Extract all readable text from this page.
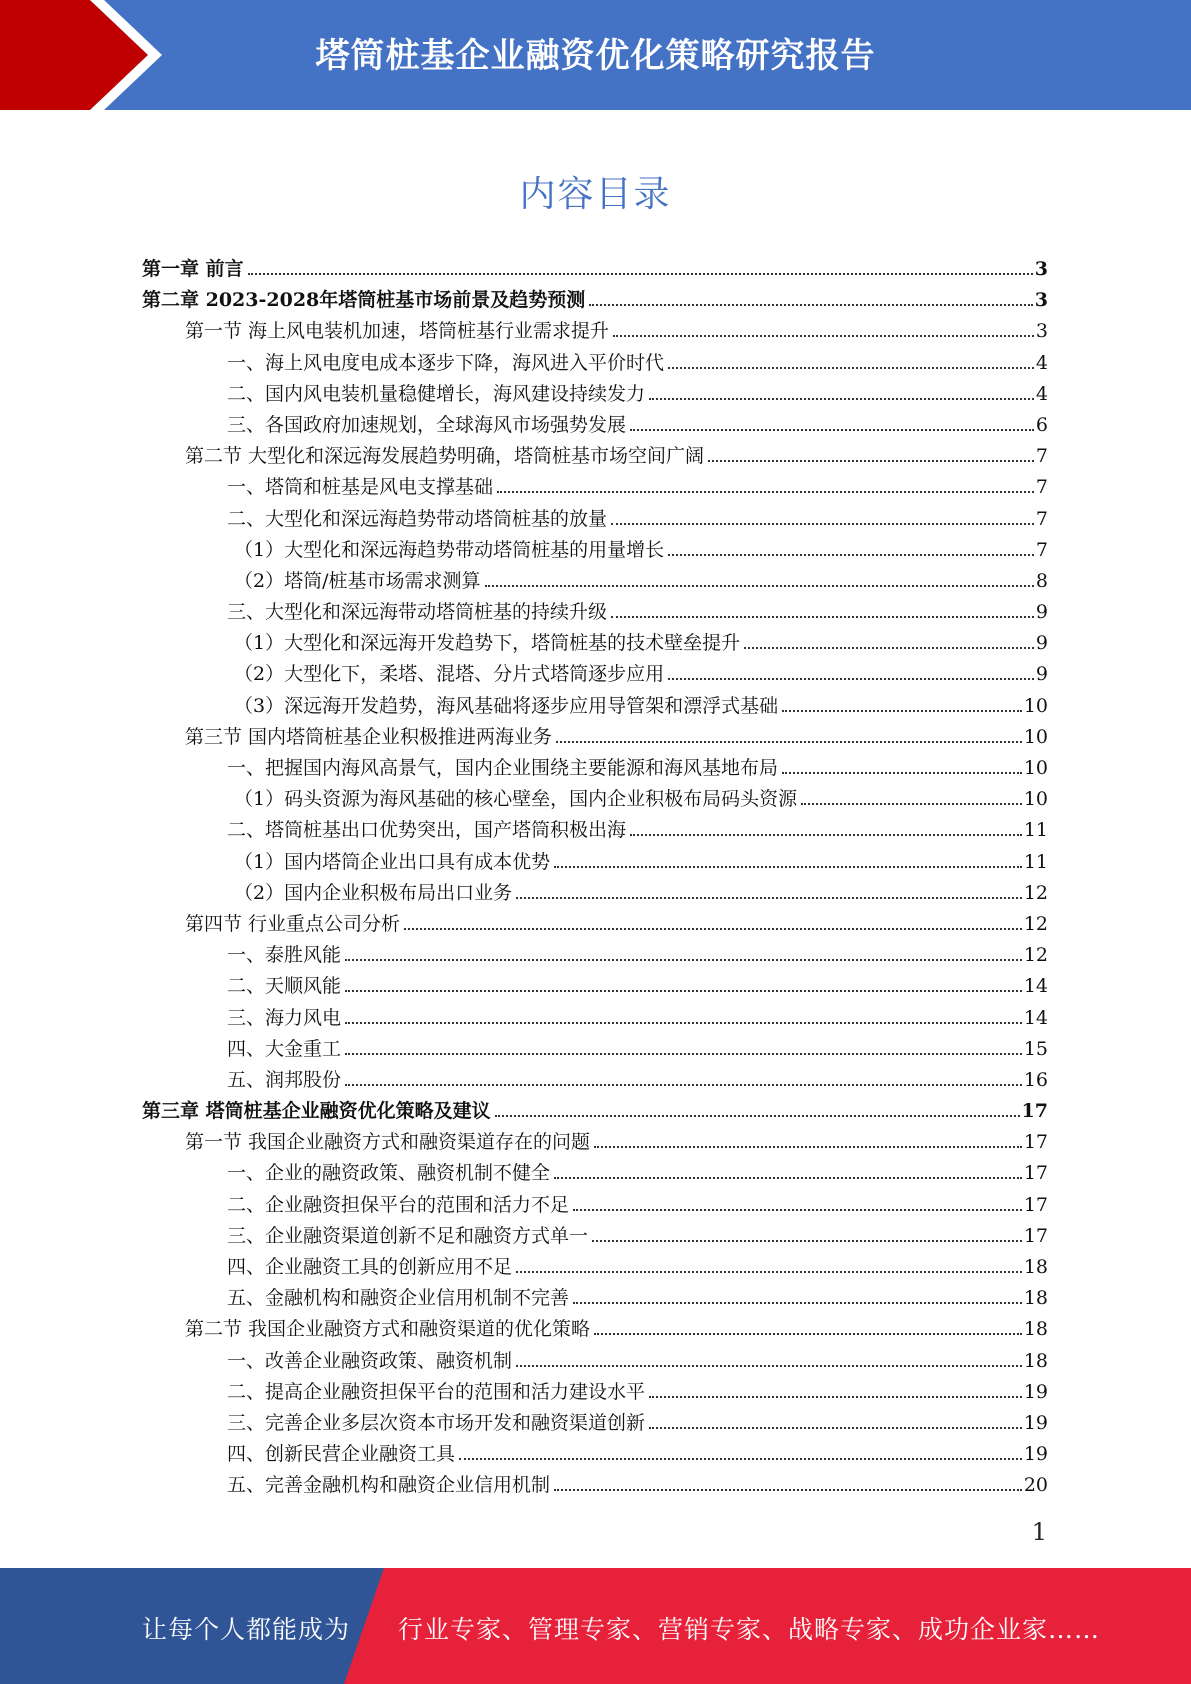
塔筒桩基企业融资优化策略研究报告
内容目录
第一章 前言	3
第二章 2023-2028年塔筒桩基市场前景及趋势预测	3
第一节 海上风电装机加速，塔筒桩基行业需求提升	3
一、海上风电度电成本逐步下降，海风进入平价时代	4
二、国内风电装机量稳健增长，海风建设持续发力	4
三、各国政府加速规划，全球海风市场强势发展	6
第二节 大型化和深远海发展趋势明确，塔筒桩基市场空间广阔	7
一、塔筒和桩基是风电支撑基础	7
二、大型化和深远海趋势带动塔筒桩基的放量	7
（1）大型化和深远海趋势带动塔筒桩基的用量增长	7
（2）塔筒/桩基市场需求测算	8
三、大型化和深远海带动塔筒桩基的持续升级	9
（1）大型化和深远海开发趋势下，塔筒桩基的技术壁垒提升	9
（2）大型化下，柔塔、混塔、分片式塔筒逐步应用	9
（3）深远海开发趋势，海风基础将逐步应用导管架和漂浮式基础	10
第三节 国内塔筒桩基企业积极推进两海业务	10
一、把握国内海风高景气，国内企业围绕主要能源和海风基地布局	10
（1）码头资源为海风基础的核心壁垒，国内企业积极布局码头资源	10
二、塔筒桩基出口优势突出，国产塔筒积极出海	11
（1）国内塔筒企业出口具有成本优势	11
（2）国内企业积极布局出口业务	12
第四节 行业重点公司分析	12
一、泰胜风能	12
二、天顺风能	14
三、海力风电	14
四、大金重工	15
五、润邦股份	16
第三章 塔筒桩基企业融资优化策略及建议	17
第一节 我国企业融资方式和融资渠道存在的问题	17
一、企业的融资政策、融资机制不健全	17
二、企业融资担保平台的范围和活力不足	17
三、企业融资渠道创新不足和融资方式单一	17
四、企业融资工具的创新应用不足	18
五、金融机构和融资企业信用机制不完善	18
第二节 我国企业融资方式和融资渠道的优化策略	18
一、改善企业融资政策、融资机制	18
二、提高企业融资担保平台的范围和活力建设水平	19
三、完善企业多层次资本市场开发和融资渠道创新	19
四、创新民营企业融资工具	19
五、完善金融机构和融资企业信用机制	20
1
让每个人都能成为 行业专家、管理专家、营销专家、战略专家、成功企业家……
